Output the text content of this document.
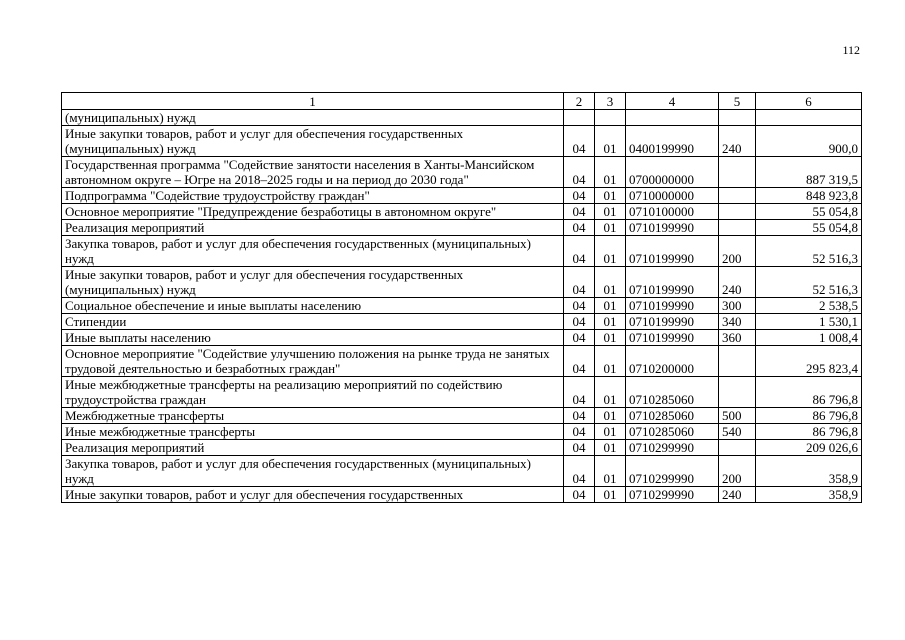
112
1	2	3	4	5	6
(муниципальных) нужд					
Иные закупки товаров, работ и услуг для обеспечения государственных (муниципальных) нужд	04	01	0400199990	240	900,0
Государственная программа "Содействие занятости населения в Ханты-Мансийском автономном округе – Югре на 2018–2025 годы и на период до 2030 года"	04	01	0700000000		887 319,5
Подпрограмма "Содействие трудоустройству граждан"	04	01	0710000000		848 923,8
Основное мероприятие "Предупреждение безработицы в автономном округе"	04	01	0710100000		55 054,8
Реализация мероприятий	04	01	0710199990		55 054,8
Закупка товаров, работ и услуг для обеспечения государственных (муниципальных) нужд	04	01	0710199990	200	52 516,3
Иные закупки товаров, работ и услуг для обеспечения государственных (муниципальных) нужд	04	01	0710199990	240	52 516,3
Социальное обеспечение и иные выплаты населению	04	01	0710199990	300	2 538,5
Стипендии	04	01	0710199990	340	1 530,1
Иные выплаты населению	04	01	0710199990	360	1 008,4
Основное мероприятие "Содействие улучшению положения на рынке труда не занятых трудовой деятельностью и безработных граждан"	04	01	0710200000		295 823,4
Иные межбюджетные трансферты на реализацию мероприятий по содействию трудоустройства граждан	04	01	0710285060		86 796,8
Межбюджетные трансферты	04	01	0710285060	500	86 796,8
Иные межбюджетные трансферты	04	01	0710285060	540	86 796,8
Реализация мероприятий	04	01	0710299990		209 026,6
Закупка товаров, работ и услуг для обеспечения государственных (муниципальных) нужд	04	01	0710299990	200	358,9
Иные закупки товаров, работ и услуг для обеспечения государственных	04	01	0710299990	240	358,9
